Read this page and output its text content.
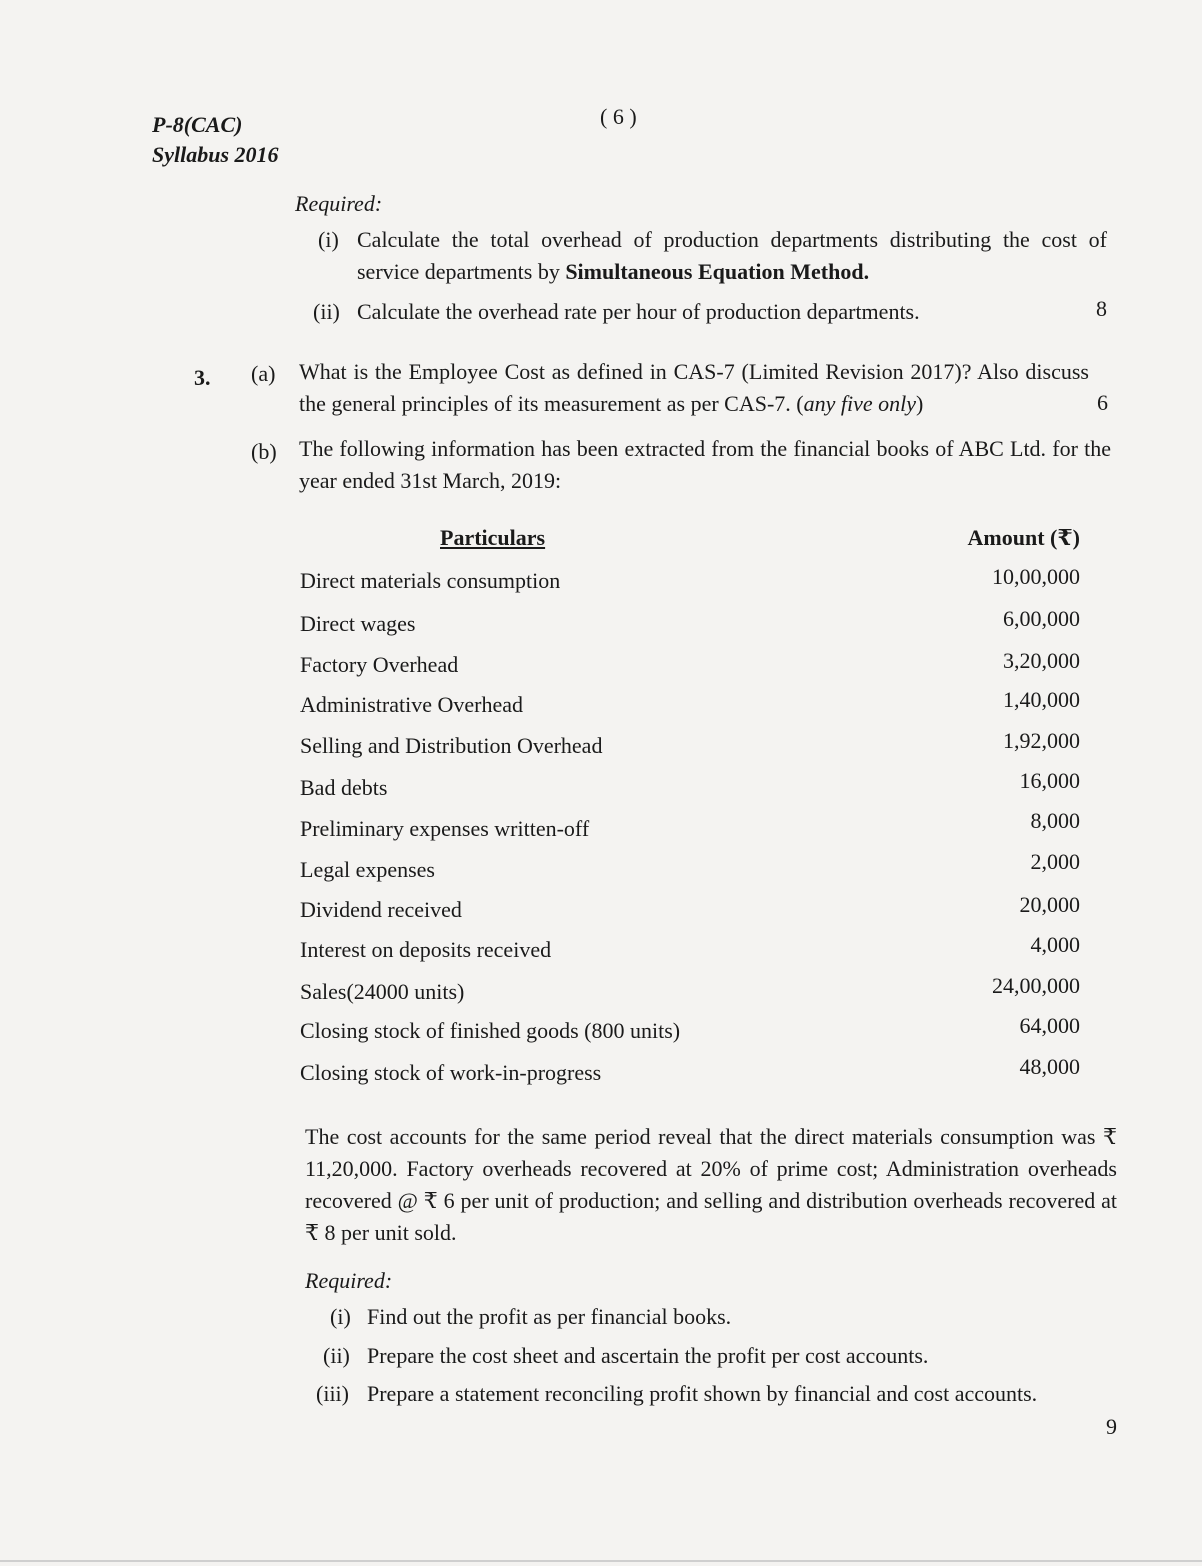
P-8(CAC)
Syllabus 2016
( 6 )
Required:
(i) Calculate the total overhead of production departments distributing the cost of service departments by Simultaneous Equation Method.
(ii) Calculate the overhead rate per hour of production departments.	8
3. (a) What is the Employee Cost as defined in CAS-7 (Limited Revision 2017)? Also discuss the general principles of its measurement as per CAS-7. (any five only)	6
(b) The following information has been extracted from the financial books of ABC Ltd. for the year ended 31st March, 2019:
Particulars	Amount (₹)
Direct materials consumption	10,00,000
Direct wages	6,00,000
Factory Overhead	3,20,000
Administrative Overhead	1,40,000
Selling and Distribution Overhead	1,92,000
Bad debts	16,000
Preliminary expenses written-off	8,000
Legal expenses	2,000
Dividend received	20,000
Interest on deposits received	4,000
Sales(24000 units)	24,00,000
Closing stock of finished goods (800 units)	64,000
Closing stock of work-in-progress	48,000
The cost accounts for the same period reveal that the direct materials consumption was ₹ 11,20,000. Factory overheads recovered at 20% of prime cost; Administration overheads recovered @ ₹ 6 per unit of production; and selling and distribution overheads recovered at ₹ 8 per unit sold.
Required:
(i) Find out the profit as per financial books.
(ii) Prepare the cost sheet and ascertain the profit per cost accounts.
(iii) Prepare a statement reconciling profit shown by financial and cost accounts.
9
